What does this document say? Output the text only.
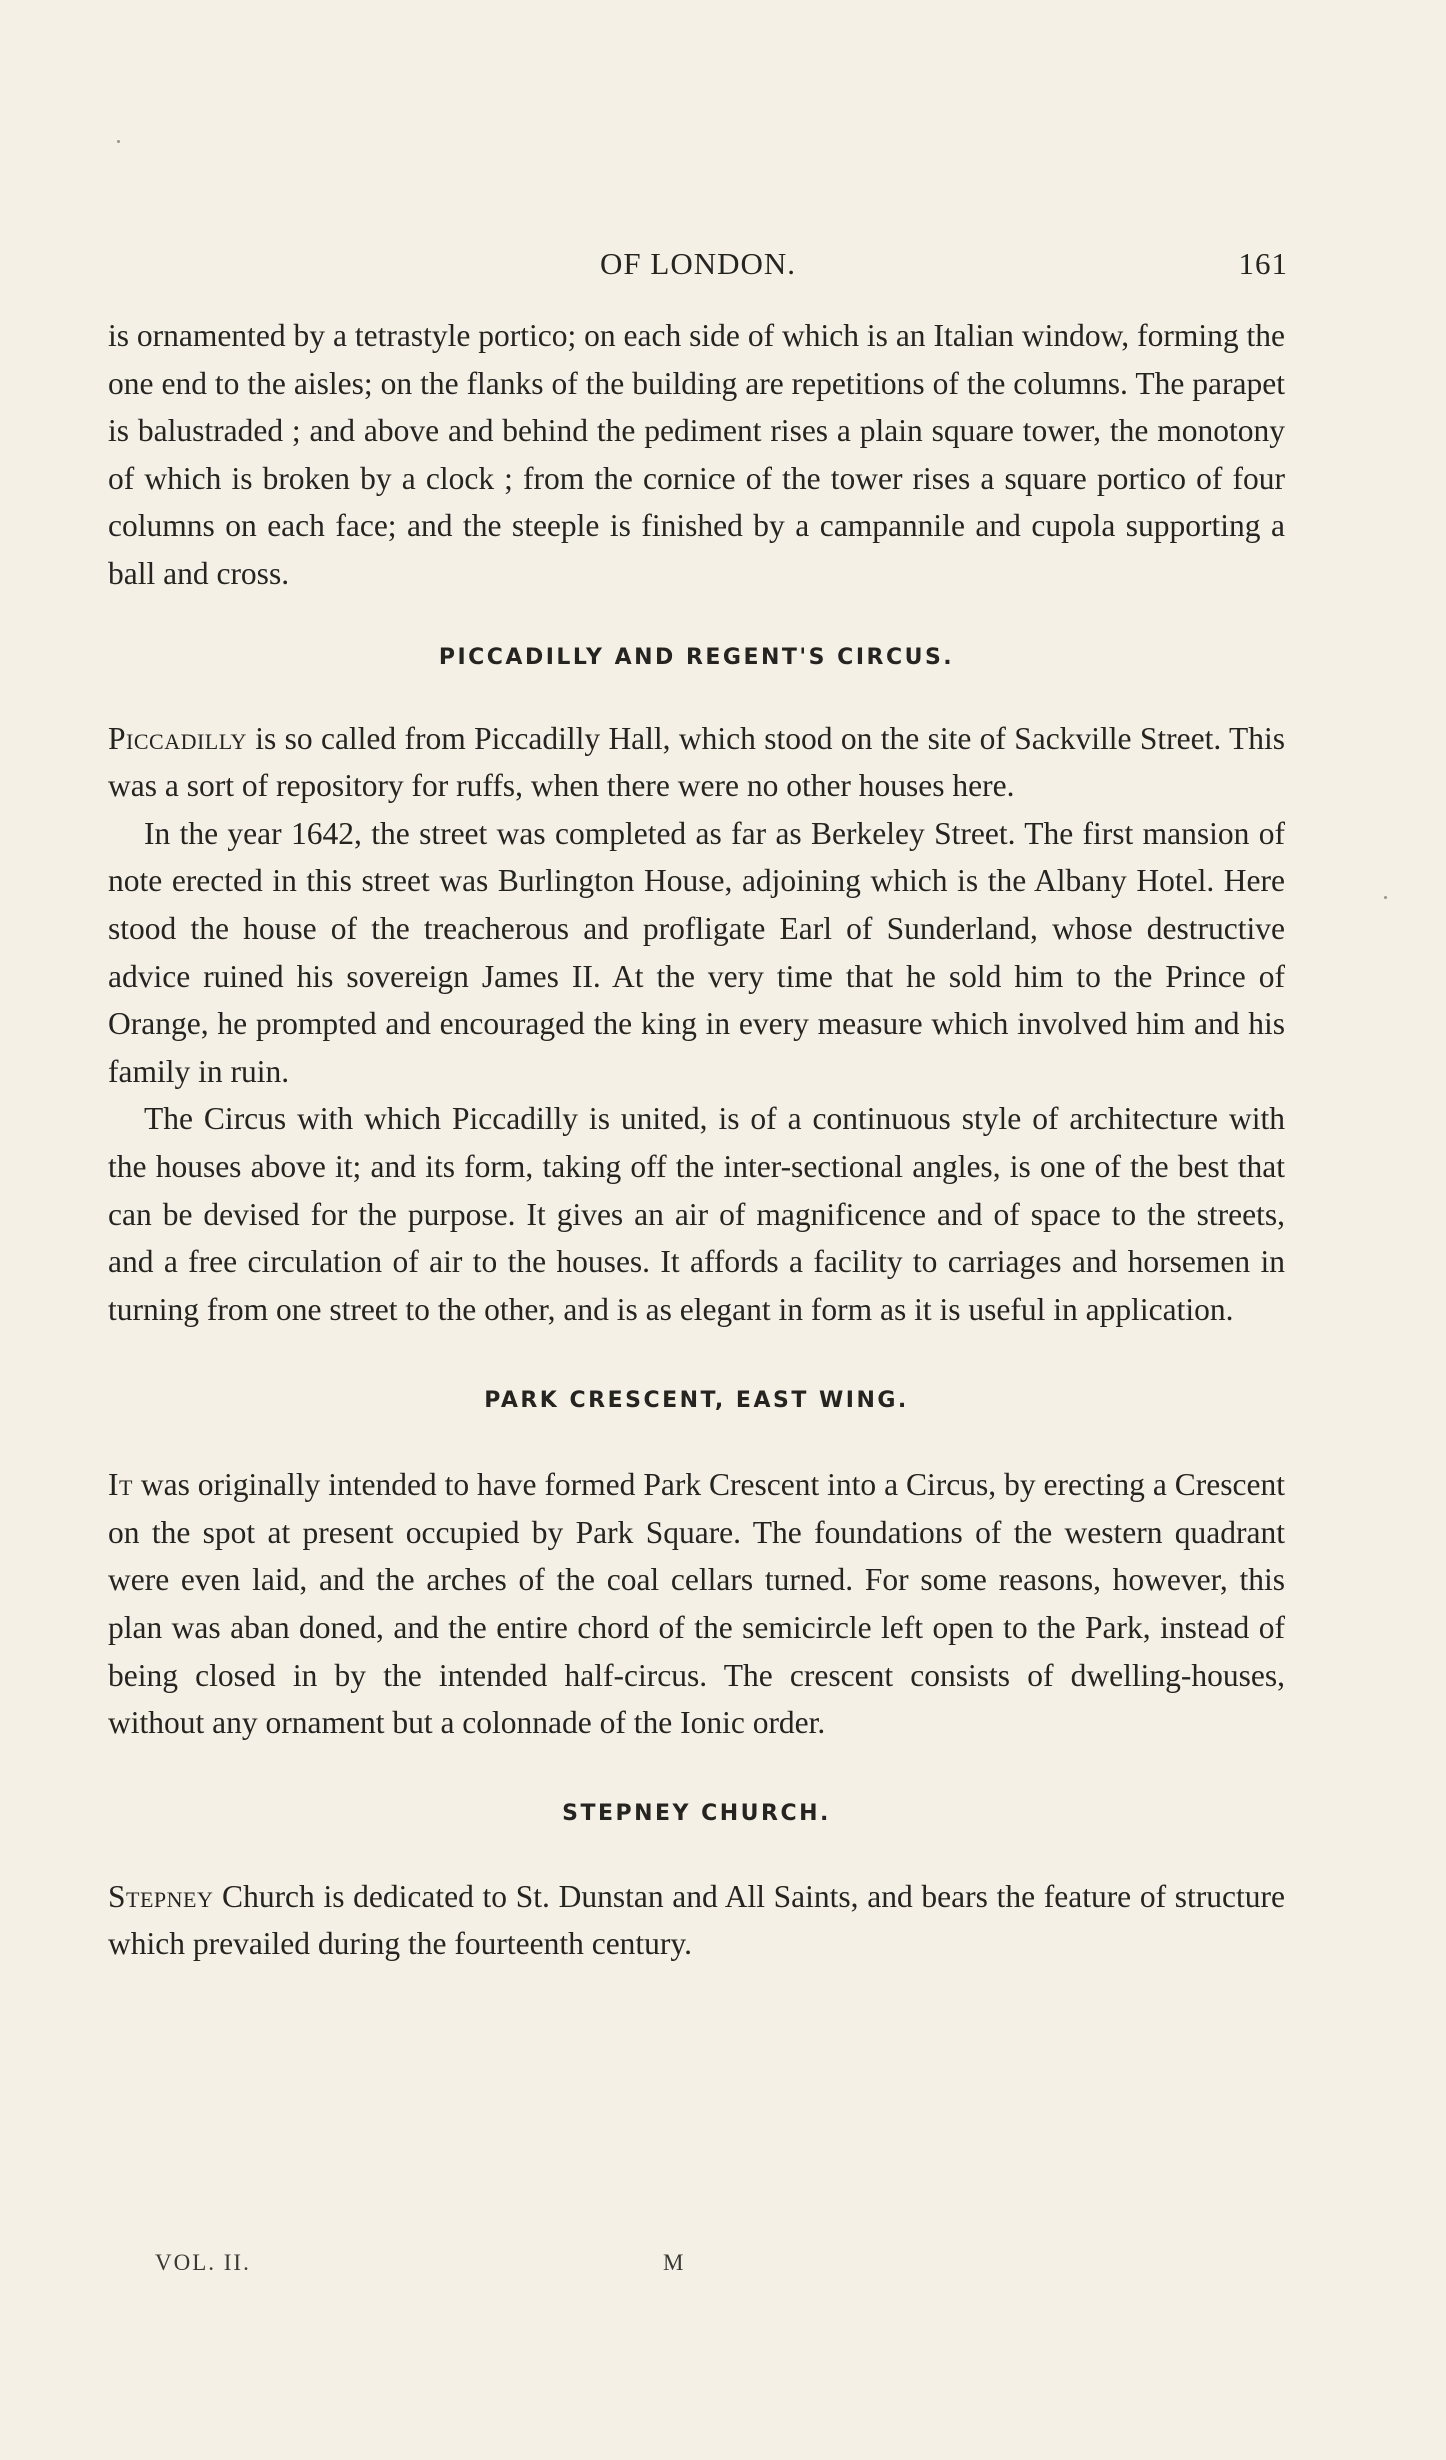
OF LONDON.	161

is ornamented by a tetrastyle portico; on each side of which is an Italian window, forming the one end to the aisles; on the flanks of the building are repetitions of the columns. The parapet is balustraded ; and above and behind the pediment rises a plain square tower, the monotony of which is broken by a clock ; from the cornice of the tower rises a square portico of four columns on each face; and the steeple is finished by a campannile and cupola supporting a ball and cross.

PICCADILLY AND REGENT'S CIRCUS.

Piccadilly is so called from Piccadilly Hall, which stood on the site of Sackville Street. This was a sort of repository for ruffs, when there were no other houses here.

In the year 1642, the street was completed as far as Berkeley Street. The first mansion of note erected in this street was Burlington House, adjoining which is the Albany Hotel. Here stood the house of the treacherous and profligate Earl of Sunderland, whose destructive advice ruined his sovereign James II. At the very time that he sold him to the Prince of Orange, he prompted and encouraged the king in every measure which involved him and his family in ruin.

The Circus with which Piccadilly is united, is of a continuous style of architecture with the houses above it; and its form, taking off the inter-sectional angles, is one of the best that can be devised for the purpose. It gives an air of magnificence and of space to the streets, and a free circulation of air to the houses. It affords a facility to carriages and horsemen in turning from one street to the other, and is as elegant in form as it is useful in application.

PARK CRESCENT, EAST WING.

It was originally intended to have formed Park Crescent into a Circus, by erecting a Crescent on the spot at present occupied by Park Square. The foundations of the western quadrant were even laid, and the arches of the coal cellars turned. For some reasons, however, this plan was aban doned, and the entire chord of the semicircle left open to the Park, instead of being closed in by the intended half-circus. The crescent consists of dwelling-houses, without any ornament but a colonnade of the Ionic order.

STEPNEY CHURCH.

Stepney Church is dedicated to St. Dunstan and All Saints, and bears the feature of structure which prevailed during the fourteenth century.

VOL. II.	M
